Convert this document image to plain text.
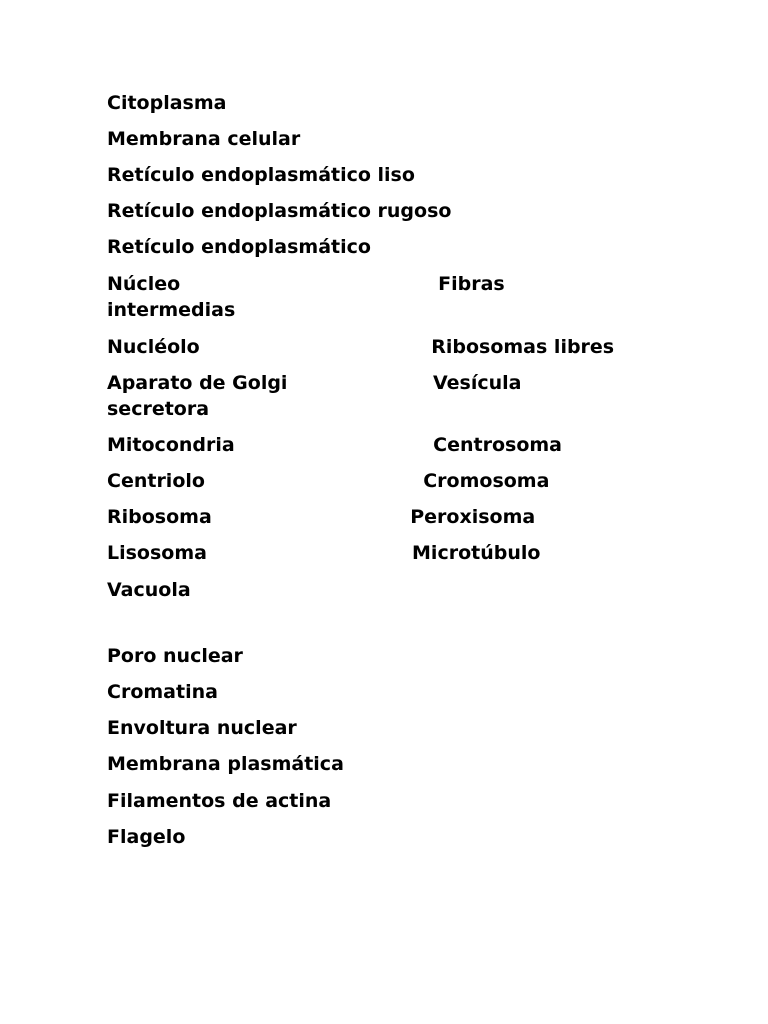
Citoplasma
Membrana celular
Retículo endoplasmático liso
Retículo endoplasmático rugoso
Retículo endoplasmático
Núcleo                                       Fibras
intermedias
Nucléolo                                   Ribosomas libres
Aparato de Golgi                      Vesícula
secretora
Mitocondria                              Centrosoma
Centriolo                                 Cromosoma
Ribosoma                              Peroxisoma
Lisosoma                               Microtúbulo
Vacuola
Poro nuclear
Cromatina
Envoltura nuclear
Membrana plasmática
Filamentos de actina
Flagelo
